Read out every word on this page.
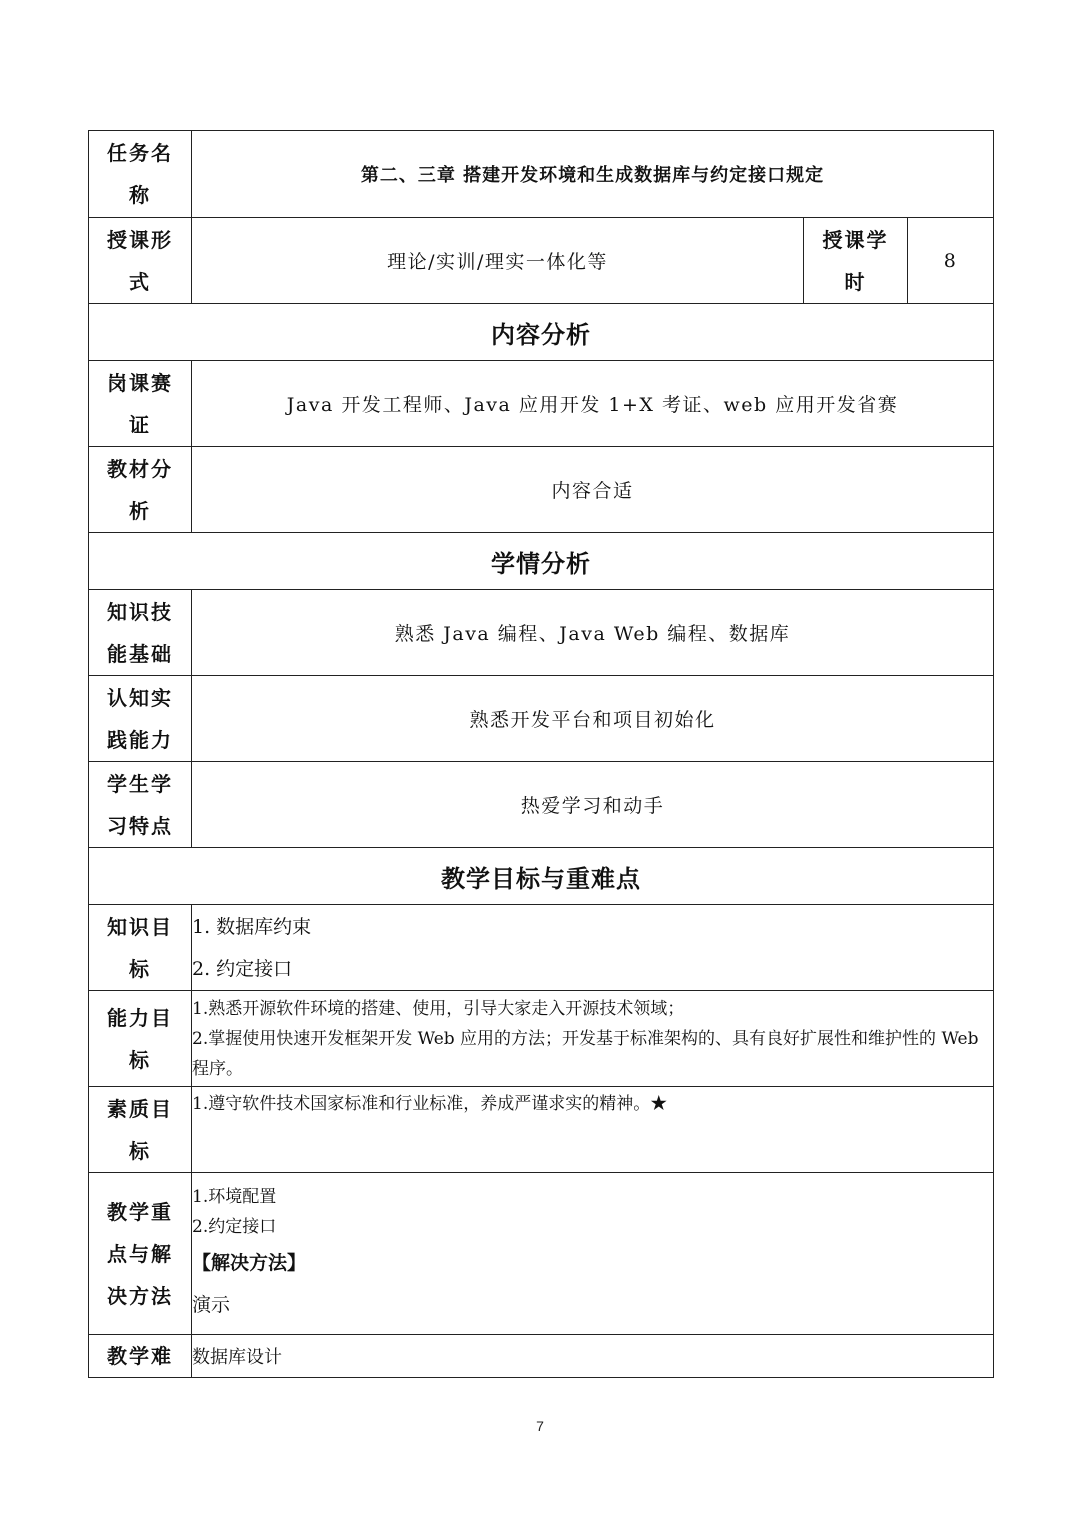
任务名称	第二、三章 搭建开发环境和生成数据库与约定接口规定		
授课形式	理论/实训/理实一体化等	授课学时	8
内容分析			
岗课赛证	Java 开发工程师、Java 应用开发 1+X 考证、web 应用开发省赛		
教材分析	内容合适		
学情分析			
知识技能基础	熟悉 Java 编程、Java Web 编程、数据库		
认知实践能力	熟悉开发平台和项目初始化		
学生学习特点	热爱学习和动手		
教学目标与重难点			
知识目标	1. 数据库约束
2. 约定接口		

能力目标	1.熟悉开源软件环境的搭建、使用，引导大家走入开源技术领域；
2.掌握使用快速开发框架开发 Web 应用的方法；开发基于标准架构的、具有良好扩展性和维护性的 Web 程序。		

素质目标	1.遵守软件技术国家标准和行业标准，养成严谨求实的精神。★		

教学重点与解决方法	1.环境配置
2.约定接口
【解决方法】
演示		

教学难	数据库设计		
7
